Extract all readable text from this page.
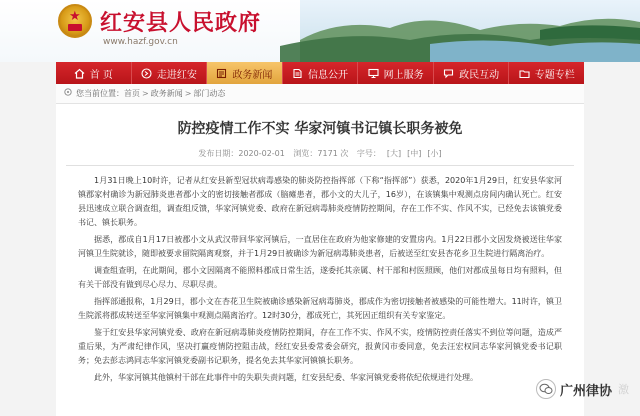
★ 红安县人民政府
www.hazf.gov.cn
首 页	走进红安	政务新闻	信息公开	网上服务	政民互动	专题专栏
您当前位置： 首页 > 政务新闻 > 部门动态
防控疫情工作不实 华家河镇书记镇长职务被免
发布日期：2020-02-01 浏览：7171 次 字号： [大] [中] [小]

1月31日晚上10时许，记者从红安县新型冠状病毒感染的肺炎防控指挥部（下称“指挥部”）获悉，2020年1月29日，红安县华家河镇郡家村确诊为新冠肺炎患者郡小文的密切接触者郡成（脑瘫患者，郡小文的大儿子，16岁），在该镇集中观测点房间内确认死亡。红安县迅速成立联合调查组，调查组反馈，华家河镇党委、政府在新冠病毒肺炎疫情防控期间，存在工作不实、作风不实，已经免去该镇党委书记、镇长职务。

据悉，郡成自1月17日被郡小文从武汉带回华家河镇后，一直居住在政府为他家修建的安置房内。1月22日郡小文因发烧被送往华家河镇卫生院就诊，随即被要求留院隔离观察，并于1月29日被确诊为新冠病毒肺炎患者，后被送至红安县杏花乡卫生院进行隔离治疗。

调查组查明，在此期间，郡小文因隔离不能照料郡成日常生活，遂委托其亲属、村干部和村医照顾，他们对郡成虽每日均有照料，但有关干部没有做到尽心尽力、尽职尽责。

指挥部通报称，1月29日，郡小文在杏花卫生院被确诊感染新冠病毒肺炎，郡成作为密切接触者被感染的可能性增大。11时许，镇卫生院派将郡成转送至华家河镇集中观测点隔离治疗。12时30分，郡成死亡，其死因正组织有关专家鉴定。

鉴于红安县华家河镇党委、政府在新冠病毒肺炎疫情防控期间，存在工作不实、作风不实，疫情防控责任落实不到位等问题，造成严重后果，为严肃纪律作风，坚决打赢疫情防控阻击战，经红安县委常委会研究，报黄冈市委同意，免去汪宏权同志华家河镇党委书记职务；免去彭志鸿同志华家河镇党委副书记职务，提名免去其华家河镇镇长职务。

此外，华家河镇其他镇村干部在此事件中的失职失责问题，红安县纪委、华家河镇党委将依纪依规进行处理。

广州律协 激
